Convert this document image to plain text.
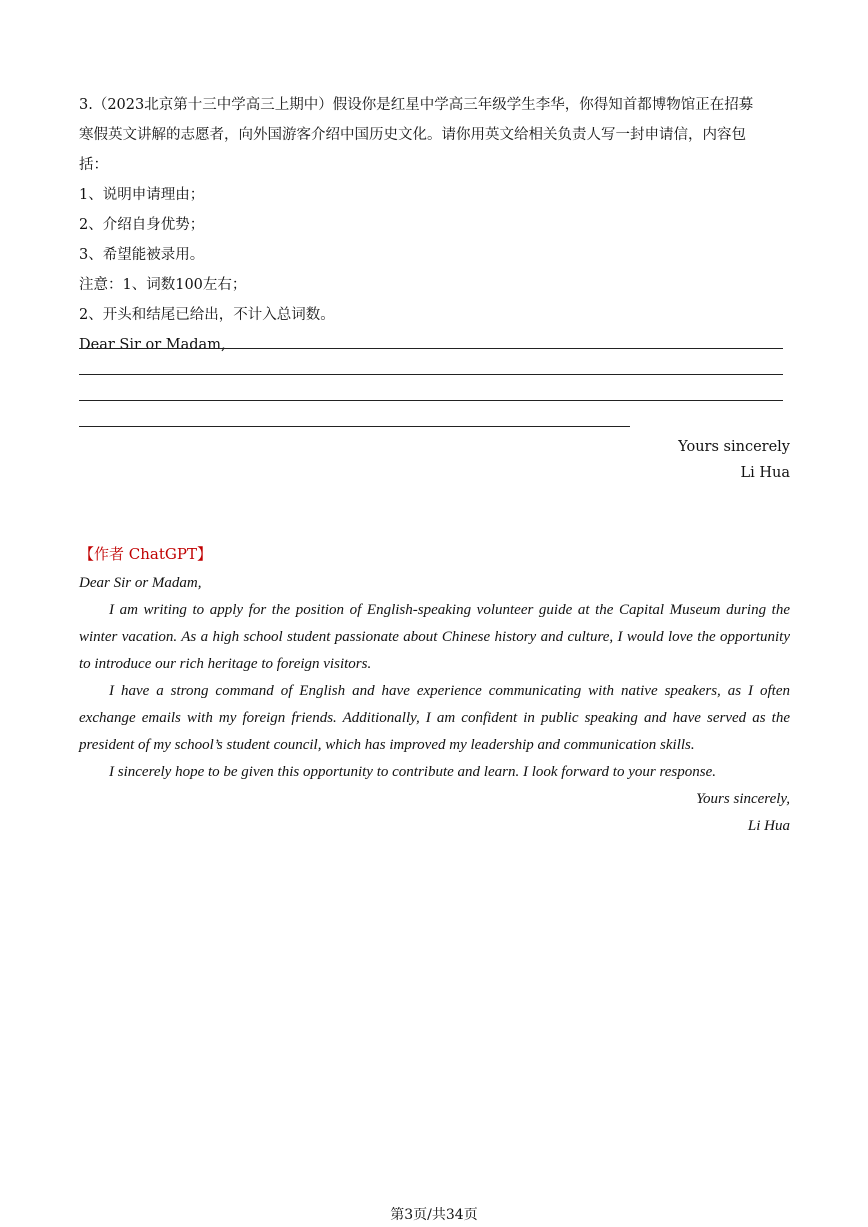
3.（2023北京第十三中学高三上期中）假设你是红星中学高三年级学生李华，你得知首都博物馆正在招募
寒假英文讲解的志愿者，向外国游客介绍中国历史文化。请你用英文给相关负责人写一封申请信，内容包
括：
1、说明申请理由；
2、介绍自身优势；
3、希望能被录用。
注意：1、词数100左右；
2、开头和结尾已给出，不计入总词数。
Dear Sir or Madam,
Yours sincerely
Li Hua
【作者 ChatGPT】

Dear Sir or Madam,

I am writing to apply for the position of English-speaking volunteer guide at the Capital Museum during the winter vacation. As a high school student passionate about Chinese history and culture, I would love the opportunity to introduce our rich heritage to foreign visitors.

I have a strong command of English and have experience communicating with native speakers, as I often exchange emails with my foreign friends. Additionally, I am confident in public speaking and have served as the president of my school’s student council, which has improved my leadership and communication skills.

I sincerely hope to be given this opportunity to contribute and learn. I look forward to your response.

Yours sincerely,
Li Hua
第3页/共34页
